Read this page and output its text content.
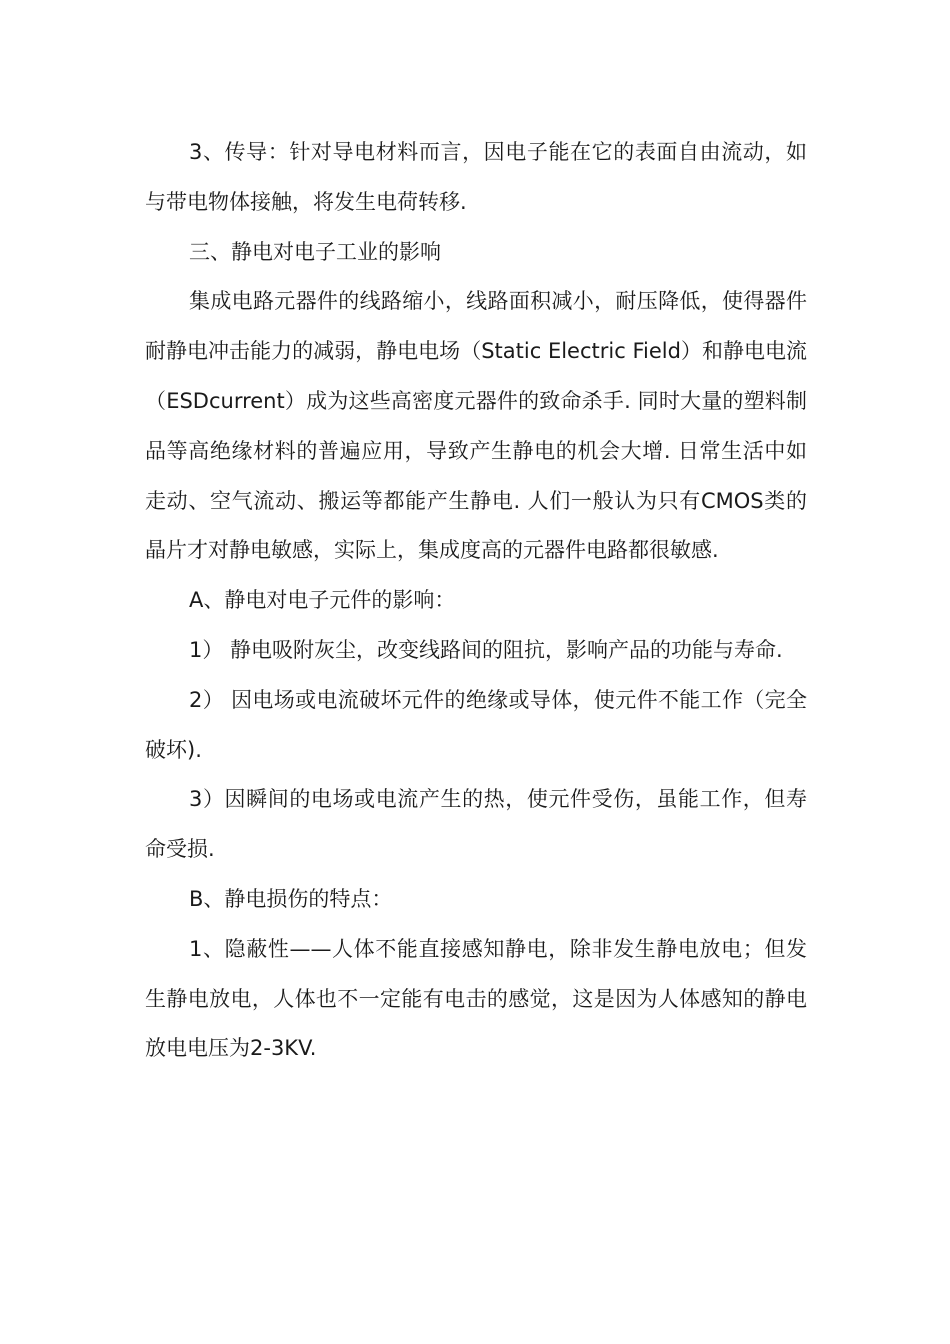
3、传导：针对导电材料而言，因电子能在它的表面自由流动，如与带电物体接触，将发生电荷转移.

三、静电对电子工业的影响

集成电路元器件的线路缩小，线路面积减小，耐压降低，使得器件耐静电冲击能力的减弱，静电电场（Static Electric Field）和静电电流（ESDcurrent）成为这些高密度元器件的致命杀手. 同时大量的塑料制品等高绝缘材料的普遍应用，导致产生静电的机会大增. 日常生活中如走动、空气流动、搬运等都能产生静电. 人们一般认为只有CMOS类的晶片才对静电敏感，实际上，集成度高的元器件电路都很敏感.

A、静电对电子元件的影响：

1） 静电吸附灰尘，改变线路间的阻抗，影响产品的功能与寿命.

2） 因电场或电流破坏元件的绝缘或导体，使元件不能工作（完全破坏).

3）因瞬间的电场或电流产生的热，使元件受伤，虽能工作，但寿命受损.

B、静电损伤的特点：

1、隐蔽性——人体不能直接感知静电，除非发生静电放电；但发生静电放电，人体也不一定能有电击的感觉，这是因为人体感知的静电放电电压为2-3KV.
